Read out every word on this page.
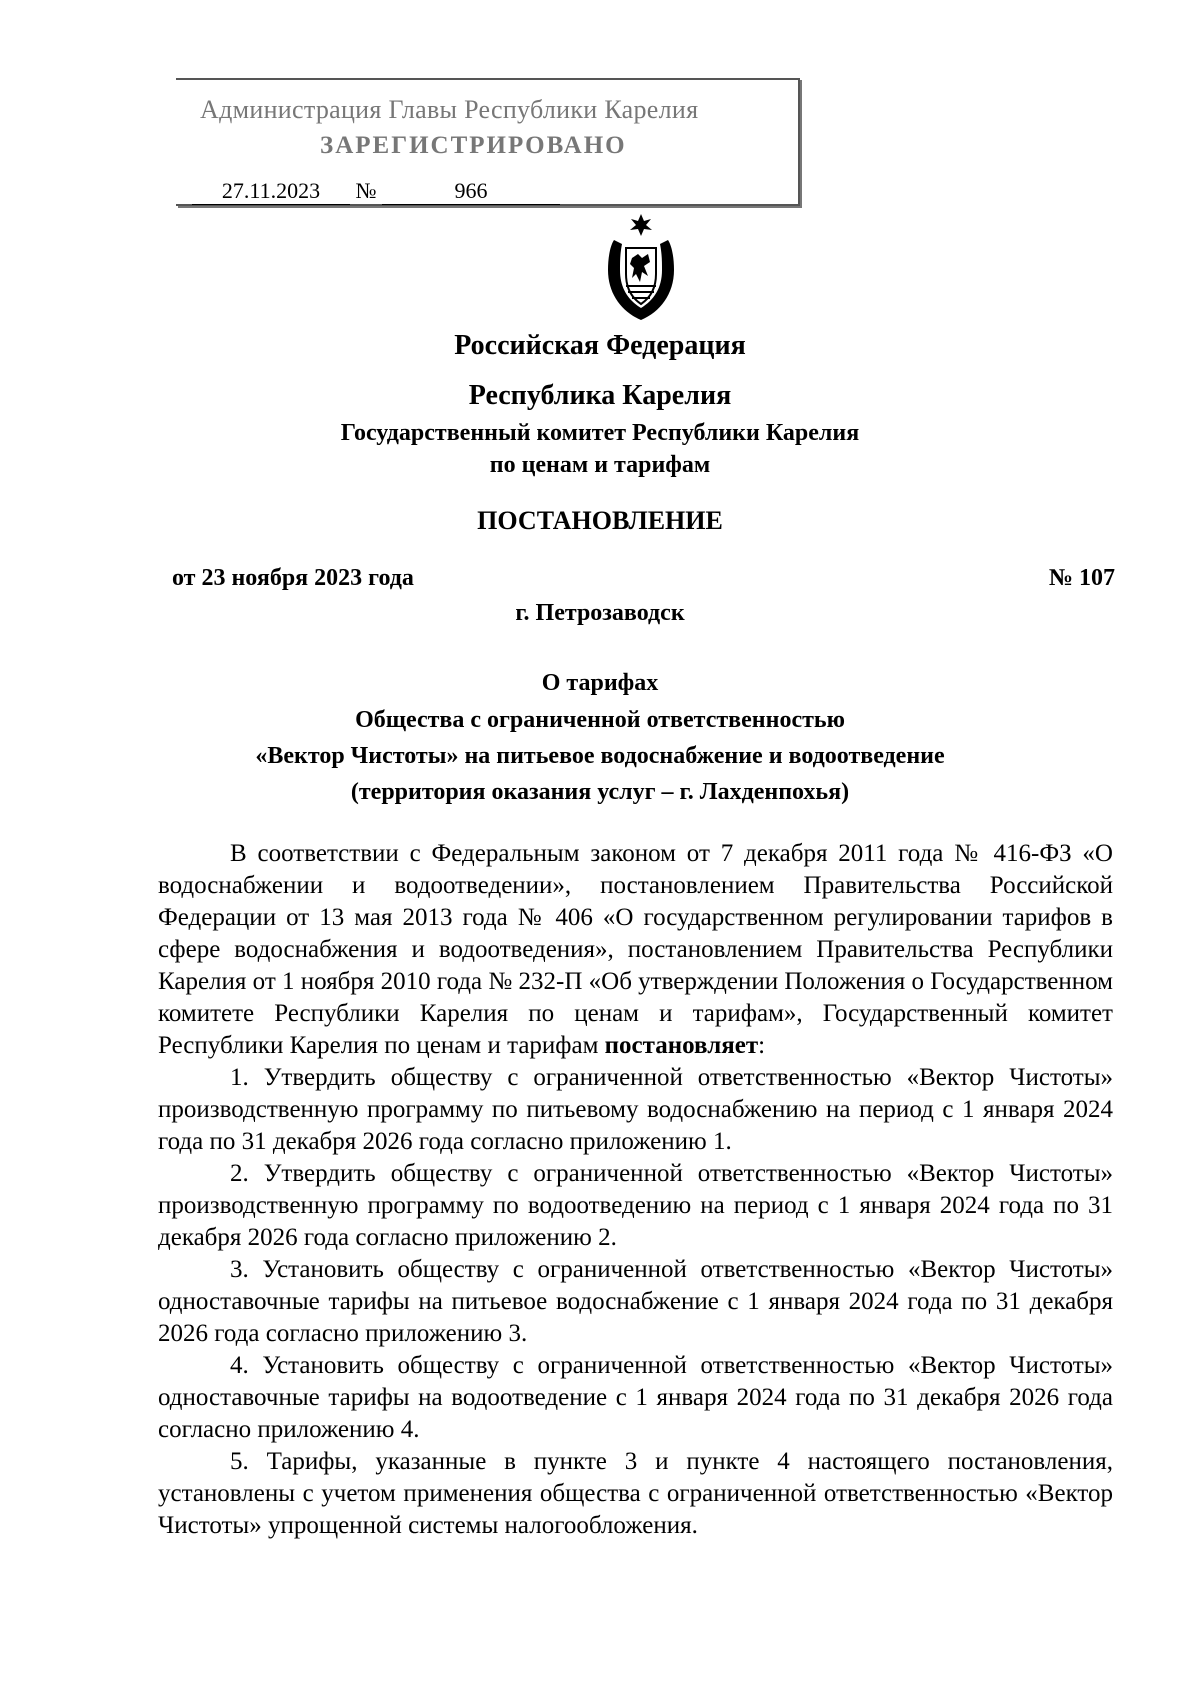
Администрация Главы Республики Карелия
ЗАРЕГИСТРИРОВАНО
27.11.2023 №	966
Российская Федерация
Республика Карелия
Государственный комитет Республики Карелия
по ценам и тарифам
ПОСТАНОВЛЕНИЕ
от 23 ноября 2023 года	№ 107
г. Петрозаводск
О тарифах
Общества с ограниченной ответственностью
«Вектор Чистоты» на питьевое водоснабжение и водоотведение
(территория оказания услуг – г. Лахденпохья)

В соответствии с Федеральным законом от 7 декабря 2011 года № 416-ФЗ «О водоснабжении и водоотведении», постановлением Правительства Российской Федерации от 13 мая 2013 года № 406 «О государственном регулировании тарифов в сфере водоснабжения и водоотведения», постановлением Правительства Республики Карелия от 1 ноября 2010 года № 232-П «Об утверждении Положения о Государственном комитете Республики Карелия по ценам и тарифам», Государственный комитет Республики Карелия по ценам и тарифам постановляет:

1. Утвердить обществу с ограниченной ответственностью «Вектор Чистоты» производственную программу по питьевому водоснабжению на период с 1 января 2024 года по 31 декабря 2026 года согласно приложению 1.

2. Утвердить обществу с ограниченной ответственностью «Вектор Чистоты» производственную программу по водоотведению на период с 1 января 2024 года по 31 декабря 2026 года согласно приложению 2.

3. Установить обществу с ограниченной ответственностью «Вектор Чистоты» одноставочные тарифы на питьевое водоснабжение с 1 января 2024 года по 31 декабря 2026 года согласно приложению 3.

4. Установить обществу с ограниченной ответственностью «Вектор Чистоты» одноставочные тарифы на водоотведение с 1 января 2024 года по 31 декабря 2026 года согласно приложению 4.

5. Тарифы, указанные в пункте 3 и пункте 4 настоящего постановления, установлены с учетом применения общества с ограниченной ответственностью «Вектор Чистоты» упрощенной системы налогообложения.
